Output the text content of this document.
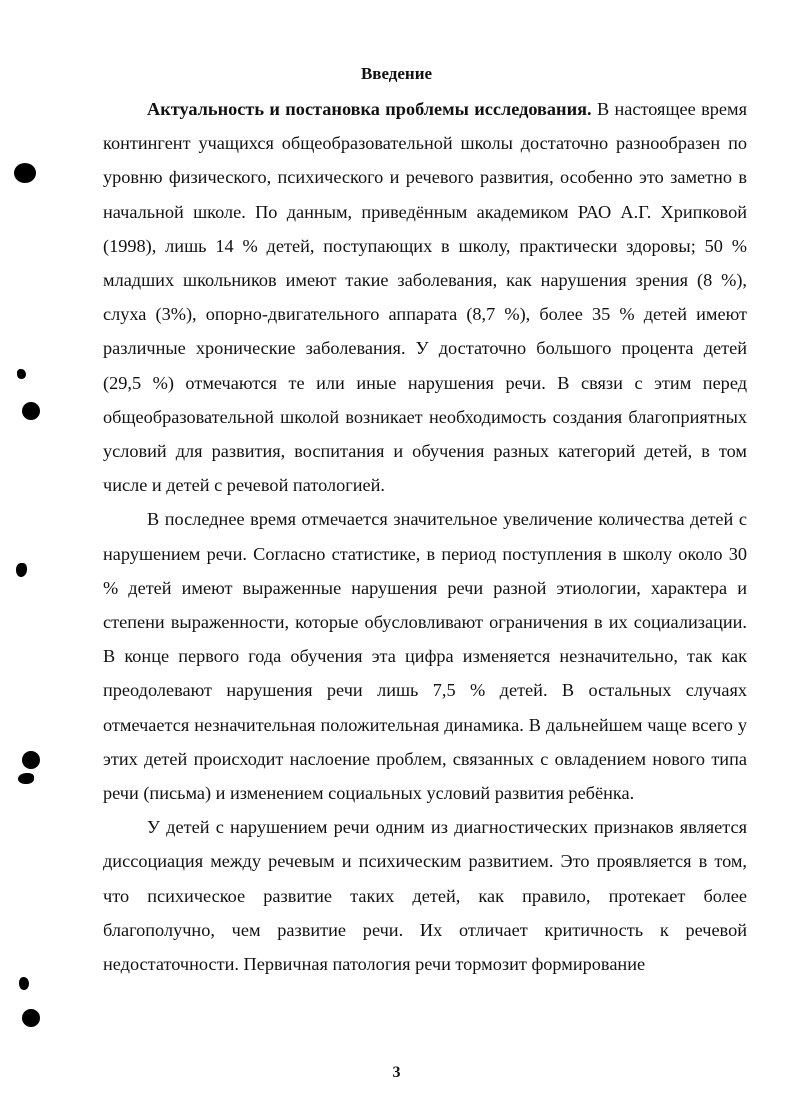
Введение

Актуальность и постановка проблемы исследования. В настоящее время контингент учащихся общеобразовательной школы достаточно разнообразен по уровню физического, психического и речевого развития, особенно это заметно в начальной школе. По данным, приведённым академиком РАО А.Г. Хрипковой (1998), лишь 14 % детей, поступающих в школу, практически здоровы; 50 % младших школьников имеют такие заболевания, как нарушения зрения (8 %), слуха (3%), опорно-двигательного аппарата (8,7 %), более 35 % детей имеют различные хронические заболевания. У достаточно большого процента детей (29,5 %) отмечаются те или иные нарушения речи. В связи с этим перед общеобразовательной школой возникает необходимость создания благоприятных условий для развития, воспитания и обучения разных категорий детей, в том числе и детей с речевой патологией.

В последнее время отмечается значительное увеличение количества детей с нарушением речи. Согласно статистике, в период поступления в школу около 30 % детей имеют выраженные нарушения речи разной этиологии, характера и степени выраженности, которые обусловливают ограничения в их социализации. В конце первого года обучения эта цифра изменяется незначительно, так как преодолевают нарушения речи лишь 7,5 % детей. В остальных случаях отмечается незначительная положительная динамика. В дальнейшем чаще всего у этих детей происходит наслоение проблем, связанных с овладением нового типа речи (письма) и изменением социальных условий развития ребёнка.

У детей с нарушением речи одним из диагностических признаков является диссоциация между речевым и психическим развитием. Это проявляется в том, что психическое развитие таких детей, как правило, протекает более благополучно, чем развитие речи. Их отличает критичность к речевой недостаточности. Первичная патология речи тормозит формирование

3
